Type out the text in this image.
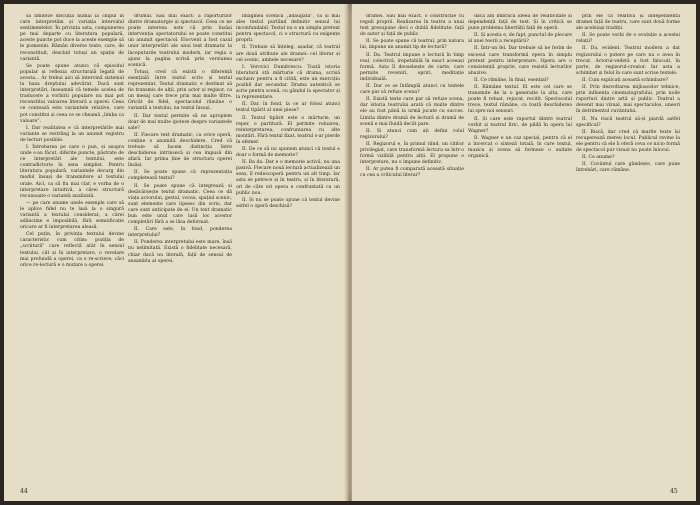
să limiteze discuția numai la chipul în care interpretăm și variația intervalul sentimentelor. În privința asta, compunerea pe mai departe cu literatura populară, aceste puncte pot duce la aceste exemple să le pomenim. Rămân diverse texte, care, de reconstituit, deschid totuși un spațiu de variantă.

Se poate spune atunci că episodul popular și reflexia structurală legată de acesta... Ar trebui aici să intervină sistemul la baza dreptului adevărat. Dacă sunt interpretări, înseamnă că temele acelea de traducere a vorbirii populare nu mai pot reconstitui valoarea literară a operei. Ceea ce contează este variantele relative, care pot constitui și ceea ce se cheamă „limba ca valoare”.

I. Dar realitatea e că interpretările mai variante se restrâng la un anumit registru de lecturi posibile.

I. Întrebarea pe care o pun, și asupra unde s-au făcut, diferite puncte, păstrate de ce interpretări ale textului, este contradictorie în sens simplist. Pentru literatura populară, variantele decurg din modul însuși de transmitere al textului orale. Aici, ca să fiu mai clar, e vorba de o interpretare intuitivă, a cărei structură recunoaște o variantă analizată.

— pe care anume unele exemple care să le aplice fidel nu te lasă la o singură variantă a textului considerat, a cărei adâncime e imposibilă, fără semnificație oricare ar fi interpretarea aleasă.

Cel puțin, în privința textului devine caracteristic cum citim: poziția de „scriitură” care reflectă atât în sensul textului, cât și în interpretare, o revelare mai profundă a operei, ca o re-scriere; căci orice re-lectură e o mutare a operei.

drumul. Sau mai exact: a raporturilor dintre dramaturgie și spectacol. Ceea ce ne poate interesa este că prin însăși intervenția spectatorului se poate constitui un anumit spectacol. Elocvent a fost cazul unor interpretări ale unui text dramatic la începuturile teatrului modern, iar regia a ajuns la pagina scrisă prin versiunea scenică.

Totuși, cred că există o diferență esențială între textul scris și textul reprezentat. Textul dramatic e destinat să fie transmis de alții, prin actor și regizor, ca un mesaj care trece prin mai multe filtre. Oricât de fidel, spectacolul rămâne o variantă a textului, nu textul însuși.

II. Dar textul permite să ne apropiem doar de mai multe ipoteze despre variantele sale?

II. Fiecare text dramatic, ca orice operă, conține o anumită deschidere. Cred că trebuie să facem distincția între deschiderea intrinsecă și cea impusă din afară. Iar prima ține de structura operei însăși.

II. Se poate spune că reprezentația completează textul?

II. Se poate spune că integrează și desăvârșește textul dramatic. Ceea ce dă viața actorului, gestul, vocea, spațiul scenic, sunt elemente care lipsesc din scris, dar care sunt anticipate de el. Un text dramatic bun este unul care lasă loc acestor completări fără a se lăsa deformat.

II. Care este, în fond, ponderea interpretului?

II. Ponderea interpretului este mare, însă nu nelimitată. Există o fidelitate necesară, chiar dacă nu literală, față de sensul de ansamblu al operei.

imaginea scenică „adăugată”, ca și mai ales textul purtând definitiv sensul lui inconfundabil. Textul nu e un simplu pretext pentru spectacol, ci o structură cu exigențe proprii.

II. Trebuie să înțeleg, așadar, că teatrul are două atribute ale dramei: cel literar și cel scenic, ambele necesare?

I. Verovici Dumitrescu: Toată istoria literaturii stă mărturie că drama, scrisă exclusiv pentru a fi citită, este un exercițiu posibil dar secundar. Drama autentică se scrie pentru scenă, cu gândul la spectator și la reprezentare.

II. Dar, în fond, la ce ar folosi atunci textul tipărit al unei piese?

II. Textul tipărit este o mărturie, un reper, o partitură. El permite reluarea, reinterpretarea, confruntarea cu alte montări. Fără textul fixat, teatrul s-ar pierde în efemer.

II. De ce să nu spunem atunci că textul e doar o formă de memorie?

II. Ba da. Dar e o memorie activă, nu una pasivă. Fiecare nouă lectură actualizează un sens, îl redescoperă pentru un alt timp. Iar asta se petrece și în teatru, și în literatură, ori de câte ori opera e confruntată cu un public nou.

II. Și nu se poate spune că textul devine astfel o operă deschisă?

44

dramei. Sau mai exact, o construcție cu reguli proprii. Realizarea în teatru a unui text presupune deci o dublă fidelitate: față de autor și față de public.

II. Se poate spune că teatrul, prin natura lui, impune un anumit tip de lectură?

II. Da. Teatrul impune o lectură în timp real, colectivă, irepetabilă în exact aceeași formă. Asta îl deosebește de carte, care permite reveniri, opriri, meditație individuală.

II. Dar ce se întâmplă atunci cu textele care par să refuze scena?

II. Există texte care par să refuze scena, dar istoria teatrului arată că multe dintre ele au fost până la urmă jucate cu succes. Limita dintre dramă de lectură și dramă de scenă e mai fluidă decât pare.

II. Și atunci cum ați defini rolul regizorului?

II. Regizorul e, în primul rând, un cititor privilegiat, care transformă lectura sa într-o formă vizibilă pentru alții. El propune o interpretare, nu o impune definitiv.

II. Ar putea fi comparată această situație cu cea a criticului literar?

dacă am îmbrăca ideea de relativitate și dependență față de text. Și în critică se pune problema libertății față de operă.

II. Și acesta e, de fapt, punctul de plecare al unei teorii a receptării?

II. Într-un fel. Dar trebuie să ne ferim de excesul care transformă opera în simplu pretext pentru interpretare. Opera are o consistență proprie, care rezistă lecturilor abuzive.

II. Ce rămâne, în final, esențial?

II. Rămâne textul. El este cel care se transmite de la o generație la alta, care poate fi reluat, rejucat, recitit. Spectacolul trece, textul rămâne, cu toată deschiderea lui spre noi sensuri.

II. Și care este raportul dintre teatrul vorbit și teatrul liric, de pildă în opera lui Wagner?

II. Wagner e un caz special, pentru că el a încercat o sinteză totală, în care textul, muzica și scena să formeze o unitate organică.

prin ele că relativă și independentă dramei față de teatru, care sunt două forme ale aceleiași tradiții.

II. Se poate vorbi de o evoluție a acestei relații?

II. Da, evident. Teatrul modern a dat regizorului o putere pe care nu o avea în trecut. Actorul-vedetă a fost înlocuit, în parte, de regizorul-creator. Iar asta a schimbat și felul în care sunt scrise textele.

II. Cum explicați această schimbare?

II. Prin dezvoltarea mijloacelor tehnice, prin influența cinematografului, prin noile raporturi dintre artă și public. Teatrul a devenit mai vizual, mai spectaculos, uneori în detrimentul cuvântului.

II. Nu riscă teatrul să-și piardă astfel specificul?

II. Riscă, dar cred că marile texte își recuperează mereu locul. Publicul revine la ele pentru că ele îi oferă ceva ce nicio formă de spectacol pur vizual nu poate înlocui.

II. Ce anume?

II. Cuvântul care gândește, care pune întrebări, care rămâne.

45
